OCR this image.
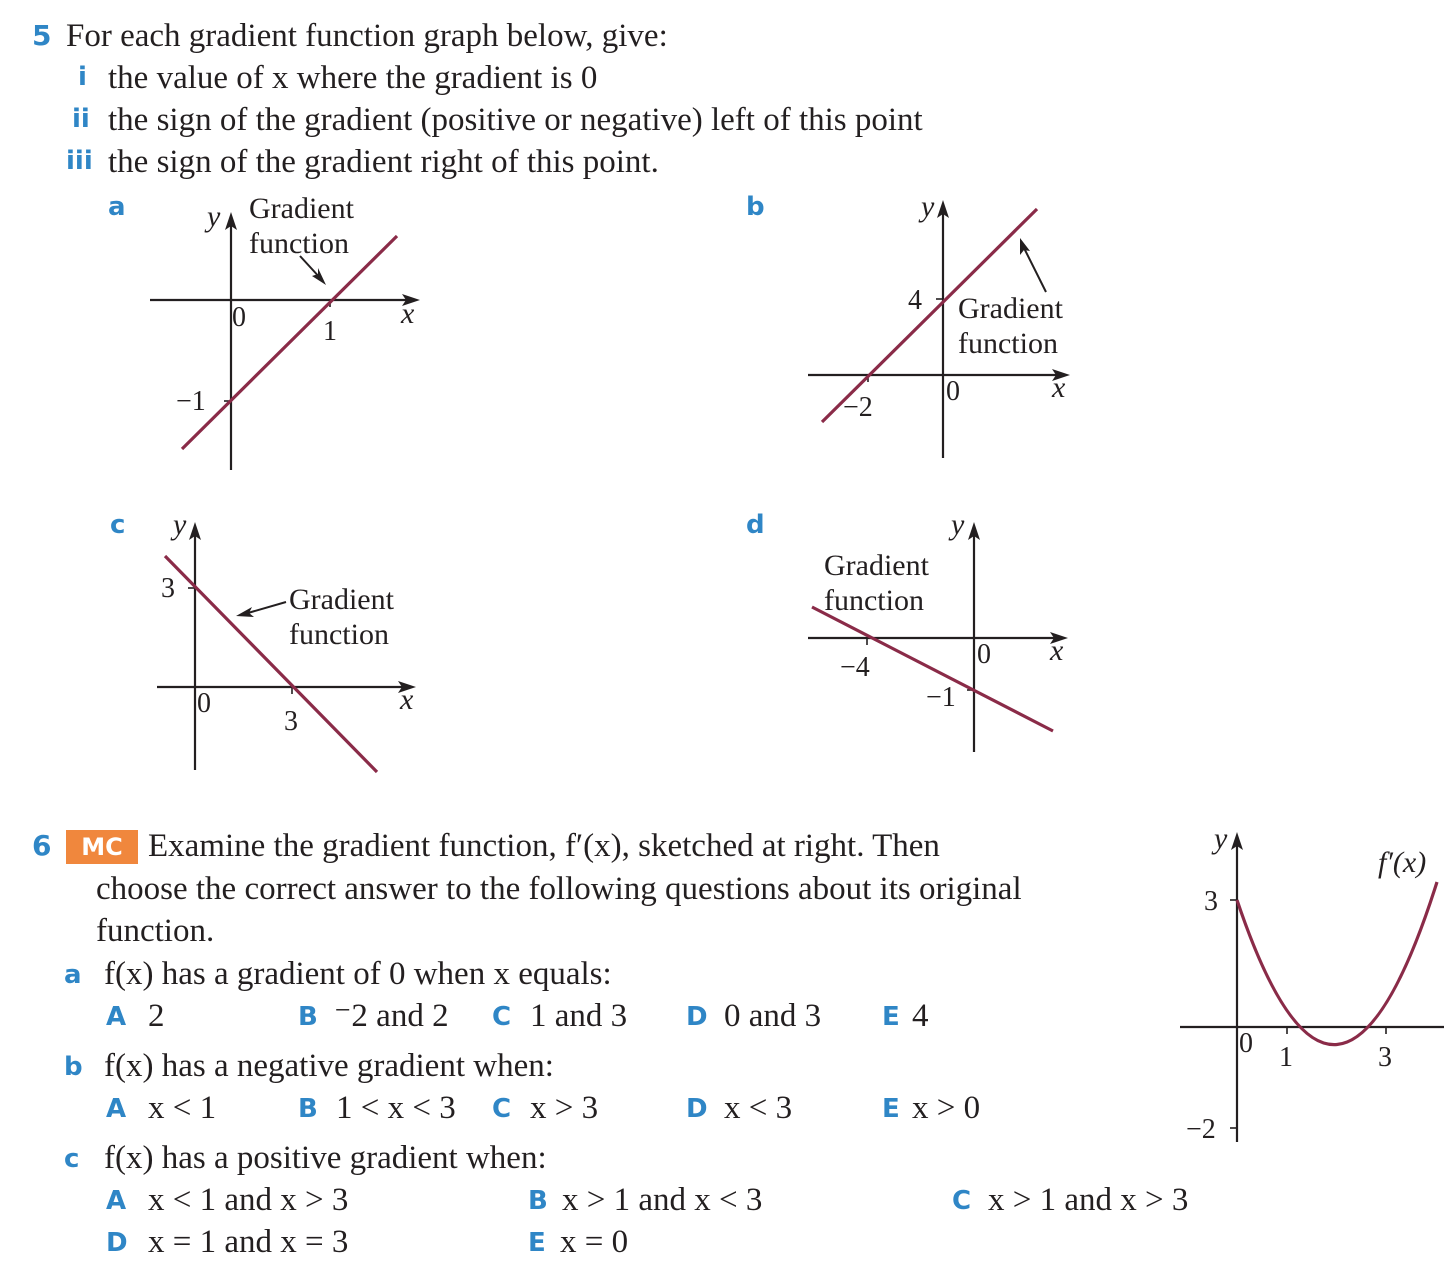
5 For each gradient function graph below, give:
i the value of x where the gradient is 0
ii the sign of the gradient (positive or negative) left of this point
iii the sign of the gradient right of this point.
a	b
c	d
y Gradient
function
0	1
x
−1
y
4 Gradient
function
0	x
−2
y
3	Gradient
function
0
3
x
y
Gradient
function
0 x
−4
−1
6	MC Examine the gradient function, f′(x), sketched at right. Then
choose the correct answer to the following questions about its original
function.
a f(x) has a gradient of 0 when x equals:
A 2	B ⁻2 and 2 C 1 and 3 D 0 and 3 E 4
b f(x) has a negative gradient when:
A x < 1	B 1 < x < 3 C x > 3	D x < 3	E x > 0
c f(x) has a positive gradient when:
A x < 1 and x > 3	B x > 1 and x < 3	C x > 1 and x > 3
D x = 1 and x = 3	E x = 0
y
f′(x)
3
0 1	3
−2
